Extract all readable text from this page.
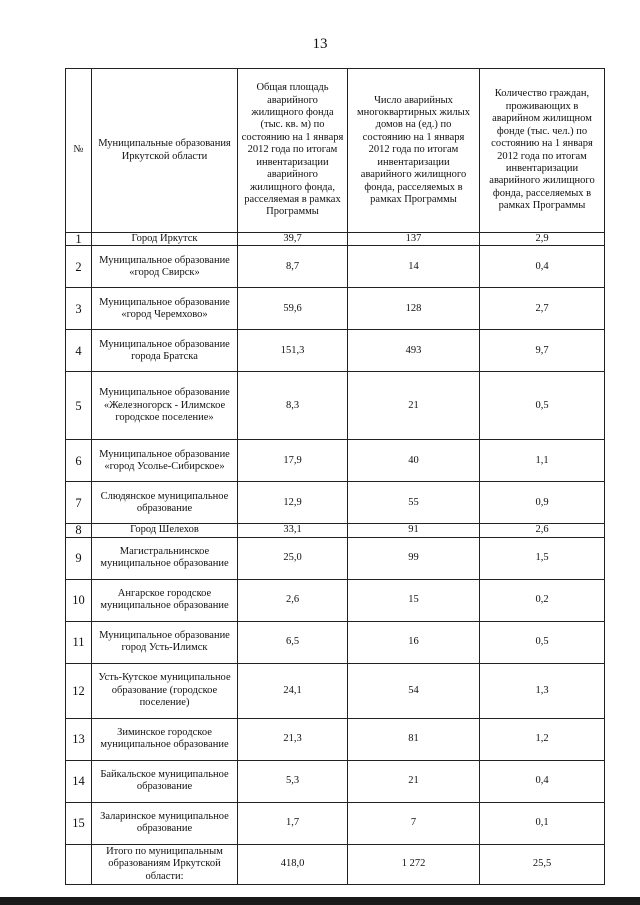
13
№	Муниципальные образования Иркутской области	Общая площадь аварийного жилищного фонда (тыс. кв. м) по состоянию на 1 января 2012 года по итогам инвентаризации аварийного жилищного фонда, расселяемая в рамках Программы	Число аварийных многоквартирных жилых домов на (ед.) по состоянию на 1 января 2012 года по итогам инвентаризации аварийного жилищного фонда, расселяемых в рамках Программы	Количество граждан, проживающих в аварийном жилищном фонде (тыс. чел.) по состоянию на 1 января 2012 года по итогам инвентаризации аварийного жилищного фонда, расселяемых в рамках Программы
1	Город Иркутск	39,7	137	2,9
2	Муниципальное образование «город Свирск»	8,7	14	0,4
3	Муниципальное образование «город Черемхово»	59,6	128	2,7
4	Муниципальное образование города Братска	151,3	493	9,7
5	Муниципальное образование «Железногорск - Илимское городское поселение»	8,3	21	0,5
6	Муниципальное образование «город Усолье-Сибирское»	17,9	40	1,1
7	Слюдянское муниципальное образование	12,9	55	0,9
8	Город Шелехов	33,1	91	2,6
9	Магистральнинское муниципальное образование	25,0	99	1,5
10	Ангарское городское муниципальное образование	2,6	15	0,2
11	Муниципальное образование город Усть-Илимск	6,5	16	0,5
12	Усть-Кутское муниципальное образование (городское поселение)	24,1	54	1,3
13	Зиминское городское муниципальное образование	21,3	81	1,2
14	Байкальское муниципальное образование	5,3	21	0,4
15	Заларинское муниципальное образование	1,7	7	0,1
	Итого по муниципальным образованиям Иркутской области:	418,0	1 272	25,5
